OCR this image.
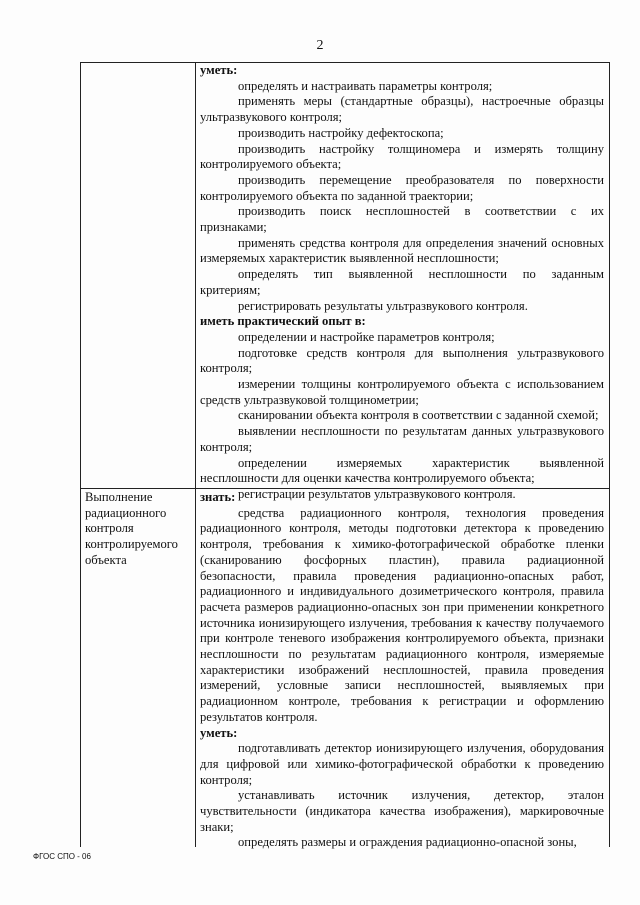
2

уметь:

определять и настраивать параметры контроля;

применять меры (стандартные образцы), настроечные образцы ультразвукового контроля;

производить настройку дефектоскопа;

производить настройку толщиномера и измерять толщину контролируемого объекта;

производить перемещение преобразователя по поверхности контролируемого объекта по заданной траектории;

производить поиск несплошностей в соответствии с их признаками;

применять средства контроля для определения значений основных измеряемых характеристик выявленной несплошности;

определять тип выявленной несплошности по заданным критериям;

регистрировать результаты ультразвукового контроля.

иметь практический опыт в:

определении и настройке параметров контроля;

подготовке средств контроля для выполнения ультразвукового контроля;

измерении толщины контролируемого объекта с использованием средств ультразвуковой толщинометрии;

сканировании объекта контроля в соответствии с заданной схемой;

выявлении несплошности по результатам данных ультразвукового контроля;

определении измеряемых характеристик выявленной несплошности для оценки качества контролируемого объекта;

регистрации результатов ультразвукового контроля.

Выполнение радиационного контроля контролируемого объекта

знать:

средства радиационного контроля, технология проведения радиационного контроля, методы подготовки детектора к проведению контроля, требования к химико-фотографической обработке пленки (сканированию фосфорных пластин), правила радиационной безопасности, правила проведения радиационно-опасных работ, радиационного и индивидуального дозиметрического контроля, правила расчета размеров радиационно-опасных зон при применении конкретного источника ионизирующего излучения, требования к качеству получаемого при контроле теневого изображения контролируемого объекта, признаки несплошности по результатам радиационного контроля, измеряемые характеристики изображений несплошностей, правила проведения измерений, условные записи несплошностей, выявляемых при радиационном контроле, требования к регистрации и оформлению результатов контроля.

уметь:

подготавливать детектор ионизирующего излучения, оборудования для цифровой или химико-фотографической обработки к проведению контроля;

устанавливать источник излучения, детектор, эталон чувствительности (индикатора качества изображения), маркировочные знаки;

определять размеры и ограждения радиационно-опасной зоны,

ФГОС СПО - 06
